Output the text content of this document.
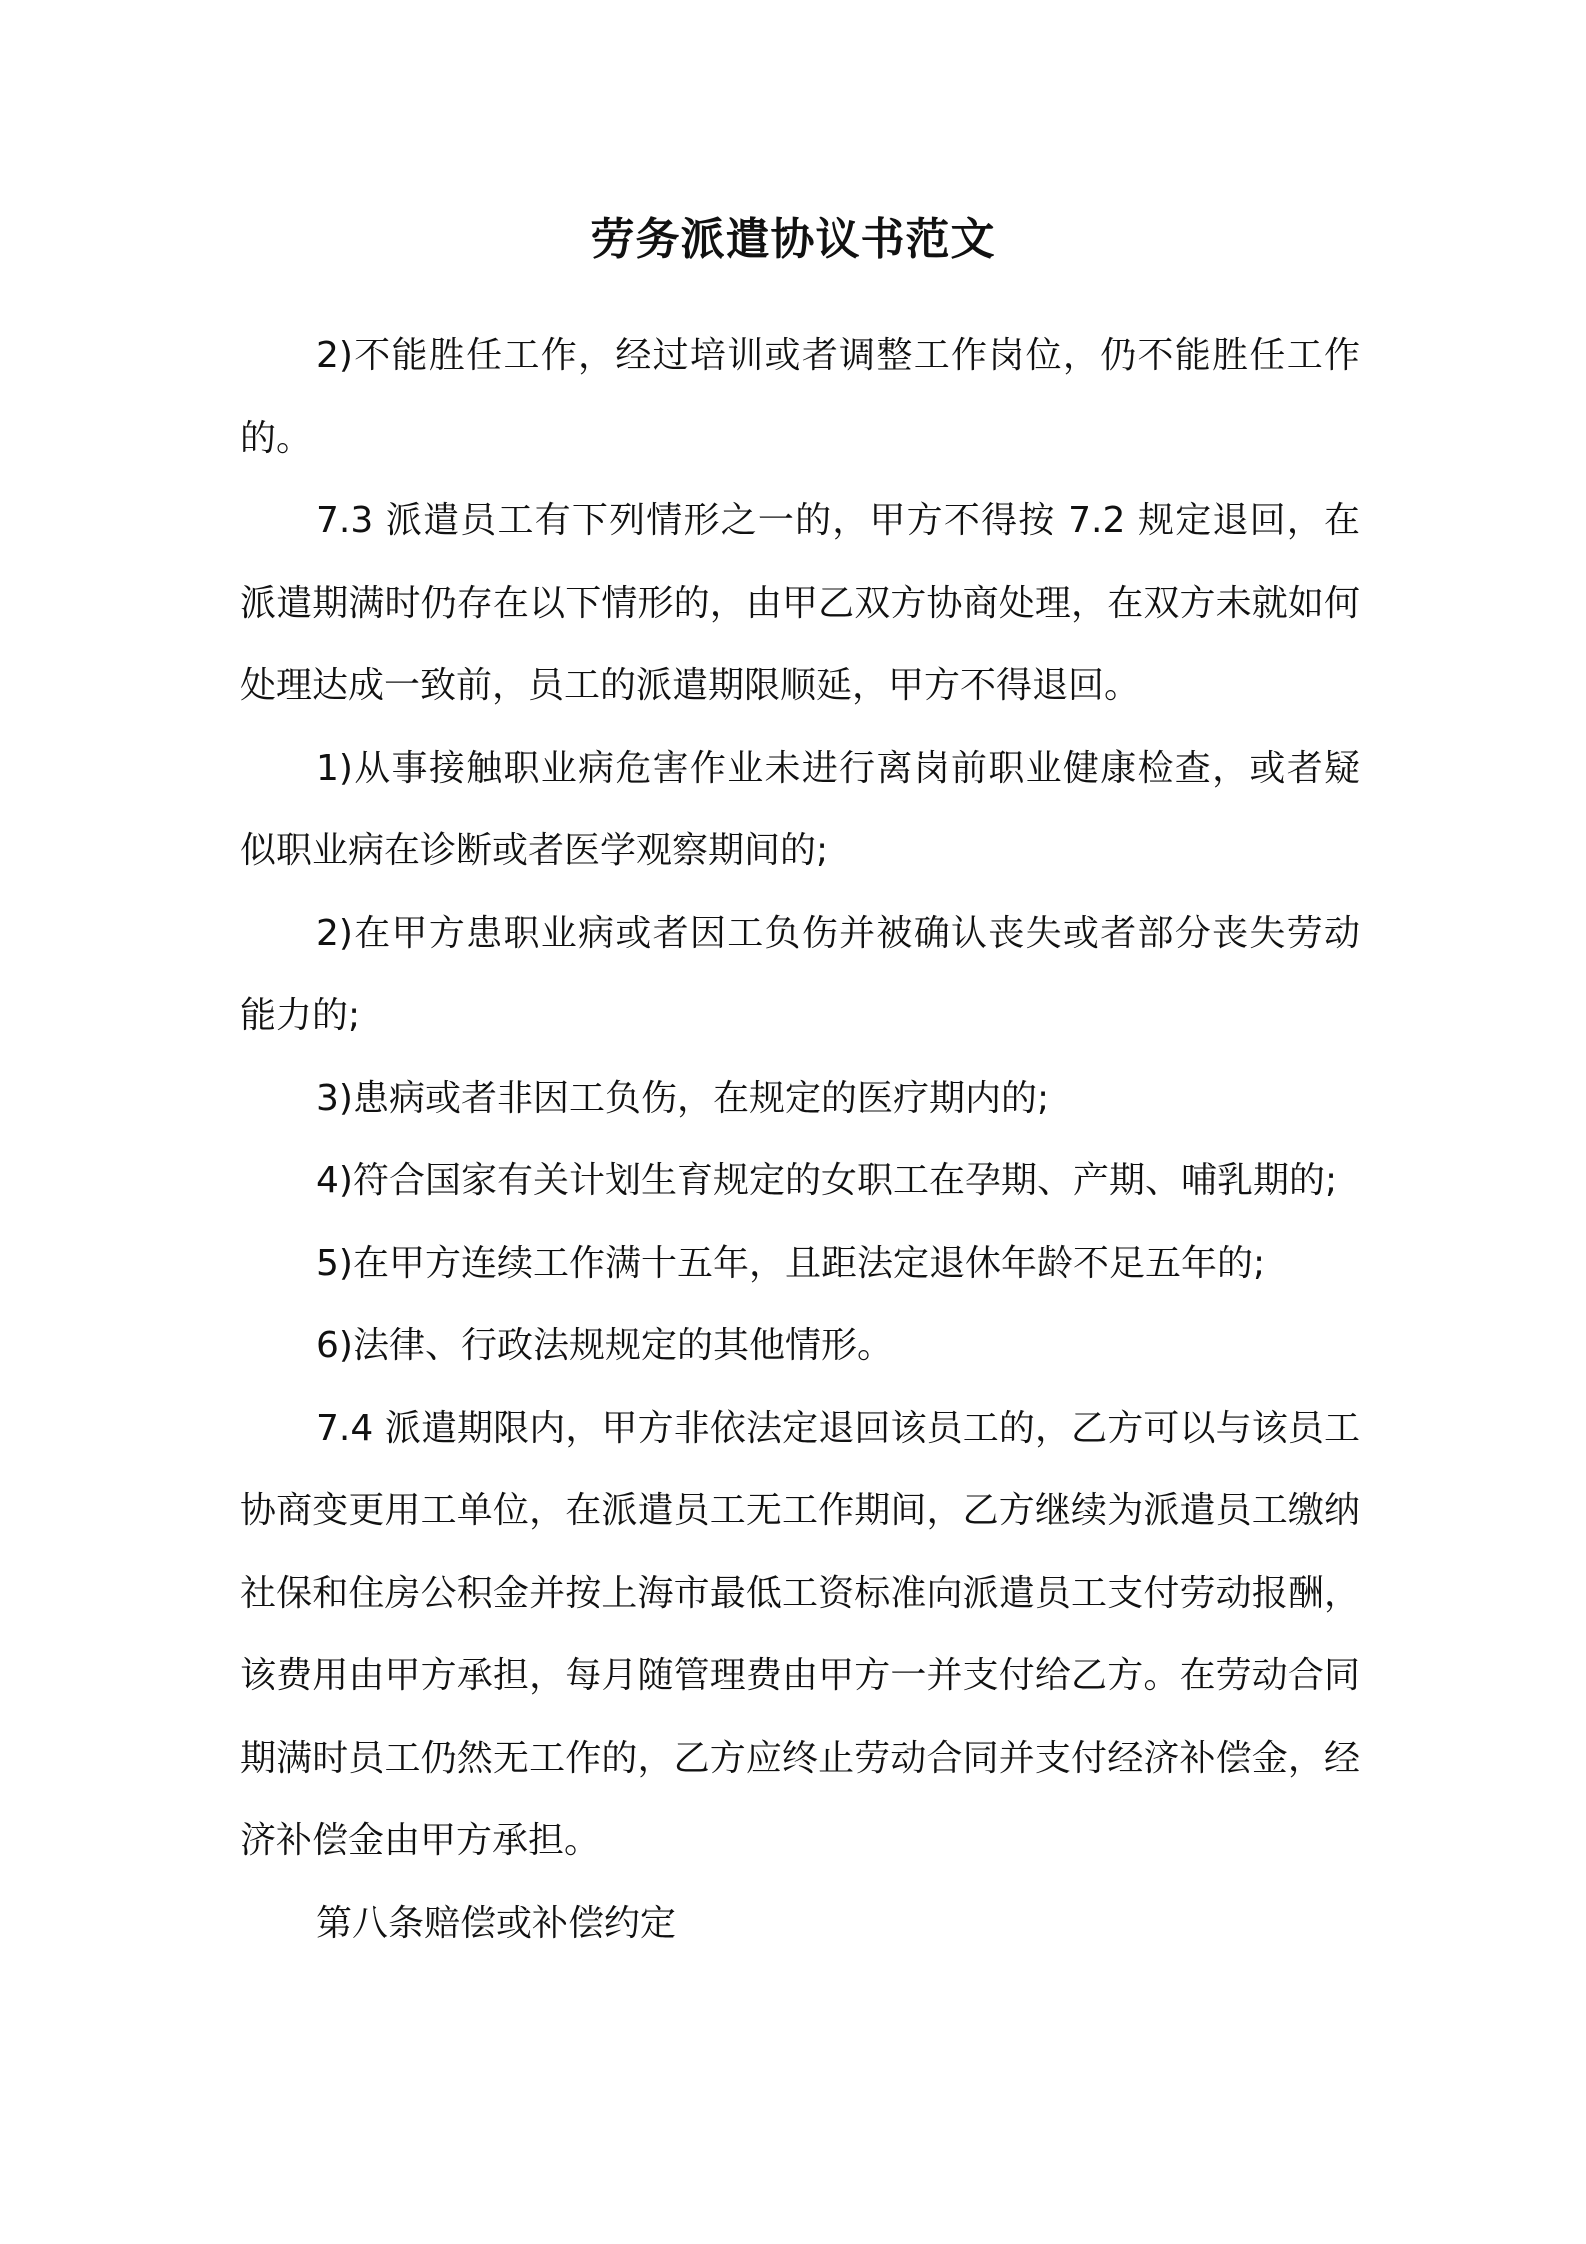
劳务派遣协议书范文

2)不能胜任工作，经过培训或者调整工作岗位，仍不能胜任工作的。

7.3 派遣员工有下列情形之一的，甲方不得按 7.2 规定退回，在派遣期满时仍存在以下情形的，由甲乙双方协商处理，在双方未就如何处理达成一致前，员工的派遣期限顺延，甲方不得退回。

1)从事接触职业病危害作业未进行离岗前职业健康检查，或者疑似职业病在诊断或者医学观察期间的;

2)在甲方患职业病或者因工负伤并被确认丧失或者部分丧失劳动能力的;

3)患病或者非因工负伤，在规定的医疗期内的;

4)符合国家有关计划生育规定的女职工在孕期、产期、哺乳期的;

5)在甲方连续工作满十五年，且距法定退休年龄不足五年的;

6)法律、行政法规规定的其他情形。

7.4 派遣期限内，甲方非依法定退回该员工的，乙方可以与该员工协商变更用工单位，在派遣员工无工作期间，乙方继续为派遣员工缴纳社保和住房公积金并按上海市最低工资标准向派遣员工支付劳动报酬，该费用由甲方承担，每月随管理费由甲方一并支付给乙方。在劳动合同期满时员工仍然无工作的，乙方应终止劳动合同并支付经济补偿金，经济补偿金由甲方承担。

第八条赔偿或补偿约定
